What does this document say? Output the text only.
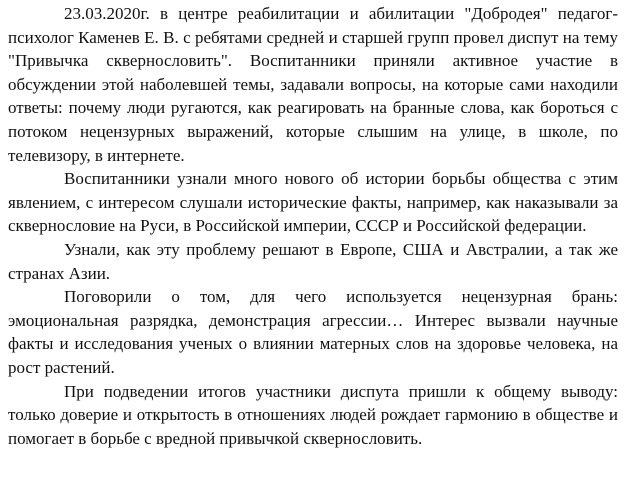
23.03.2020г. в центре реабилитации и абилитации "Добродея" педагог-психолог Каменев Е. В. с ребятами средней и старшей групп провел диспут на тему "Привычка сквернословить". Воспитанники приняли активное участие в обсуждении этой наболевшей темы, задавали вопросы, на которые сами находили ответы: почему люди ругаются, как реагировать на бранные слова, как бороться с потоком нецензурных выражений, которые слышим на улице, в школе, по телевизору, в интернете.

Воспитанники узнали много нового об истории борьбы общества с этим явлением, с интересом слушали исторические факты, например, как наказывали за сквернословие на Руси, в Российской империи, СССР и Российской федерации.

Узнали, как эту проблему решают в Европе, США и Австралии, а так же странах Азии.

Поговорили о том, для чего используется нецензурная брань: эмоциональная разрядка, демонстрация агрессии… Интерес вызвали научные факты и исследования ученых о влиянии матерных слов на здоровье человека, на рост растений.

При подведении итогов участники диспута пришли к общему выводу: только доверие и открытость в отношениях людей рождает гармонию в обществе и помогает в борьбе с вредной привычкой сквернословить.
